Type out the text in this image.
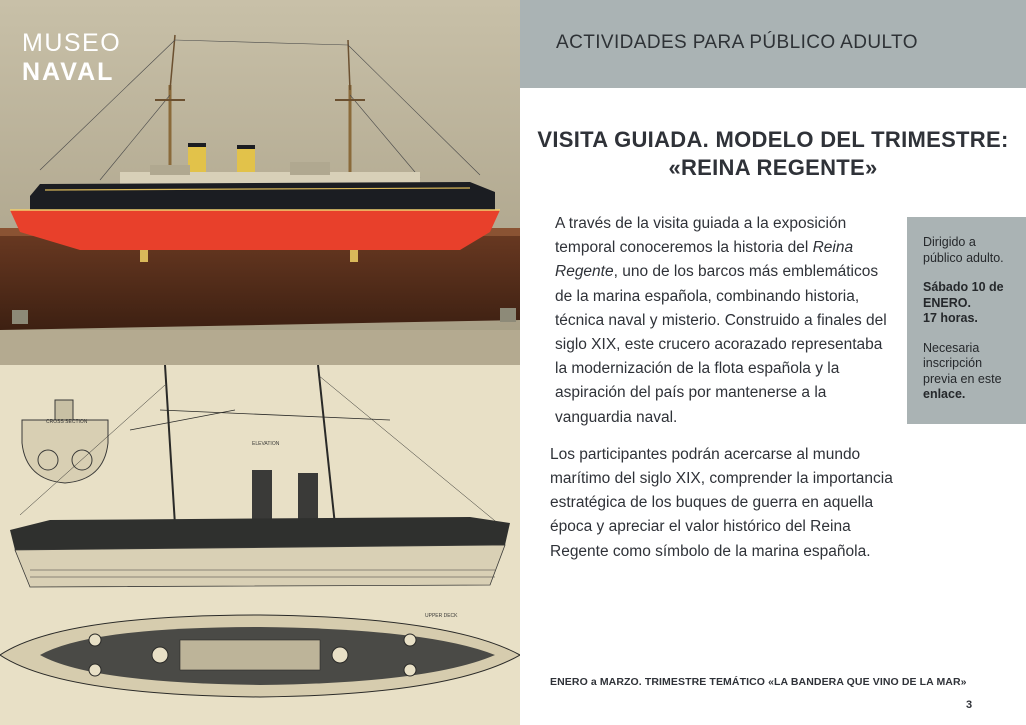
MUSEO
NAVAL
CROSS SECTION
ELEVATION
UPPER DECK
ACTIVIDADES PARA PÚBLICO ADULTO
VISITA GUIADA. MODELO DEL TRIMESTRE:
«REINA REGENTE»

A través de la visita guiada a la exposición temporal conoceremos la historia del Reina Regente, uno de los barcos más emblemáticos de la marina española, combinando historia, técnica naval y misterio. Construido a finales del siglo XIX, este crucero acorazado representaba la modernización de la flota española y la aspiración del país por mantenerse a la vanguardia naval.

Los participantes podrán acercarse al mundo marítimo del siglo XIX, comprender la importancia estratégica de los buques de guerra en aquella época y apreciar el valor histórico del Reina Regente como símbolo de la marina española.

Dirigido a público adulto.
Sábado 10 de ENERO.
17 horas.
Necesaria inscripción previa en este enlace.
ENERO a MARZO. TRIMESTRE TEMÁTICO «LA BANDERA QUE VINO DE LA MAR»
3
